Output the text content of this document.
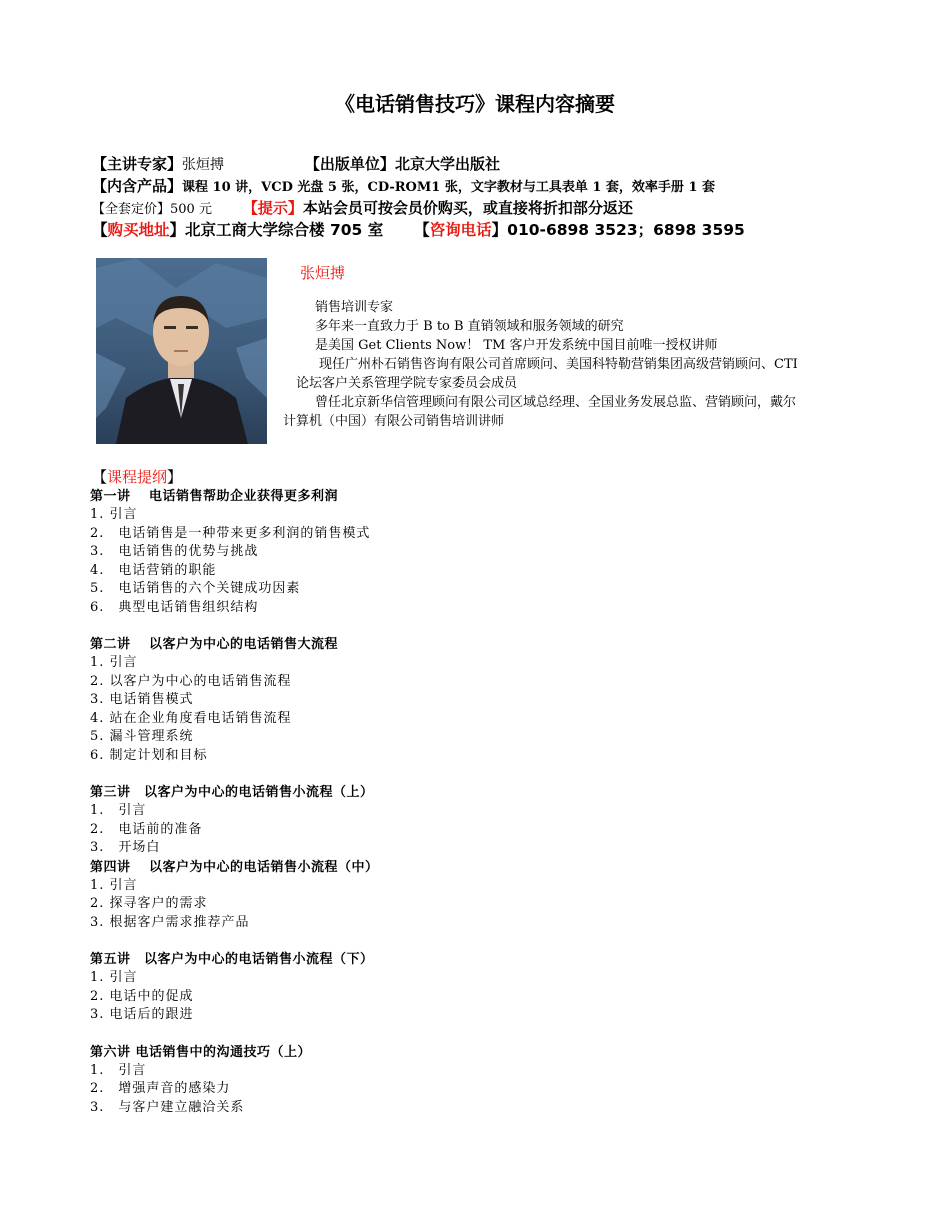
《电话销售技巧》课程内容摘要
【主讲专家】张烜搏	【出版单位】北京大学出版社
【内含产品】课程 10 讲，VCD 光盘 5 张，CD-ROM1 张，文字教材与工具表单 1 套，效率手册 1 套
【全套定价】500 元 【提示】本站会员可按会员价购买，或直接将折扣部分返还
【购买地址】北京工商大学综合楼 705 室 【咨询电话】010-6898 3523；6898 3595
张烜搏

销售培训专家

多年来一直致力于 B to B 直销领域和服务领域的研究

是美国 Get Clients Now！ TM 客户开发系统中国目前唯一授权讲师

现任广州朴石销售咨询有限公司首席顾问、美国科特勒营销集团高级营销顾问、CTI

论坛客户关系管理学院专家委员会成员

曾任北京新华信管理顾问有限公司区域总经理、全国业务发展总监、营销顾问，戴尔

计算机（中国）有限公司销售培训讲师

【课程提纲】
第一讲　 电话销售帮助企业获得更多利润
1. 引言
2.　电话销售是一种带来更多利润的销售模式
3.　电话销售的优势与挑战
4.　电话营销的职能
5.　电话销售的六个关键成功因素
6.　典型电话销售组织结构
第二讲　 以客户为中心的电话销售大流程
1. 引言
2. 以客户为中心的电话销售流程
3. 电话销售模式
4. 站在企业角度看电话销售流程
5. 漏斗管理系统
6. 制定计划和目标
第三讲　以客户为中心的电话销售小流程（上）
1.　引言
2.　电话前的准备
3.　开场白
第四讲　 以客户为中心的电话销售小流程（中）
1. 引言
2. 探寻客户的需求
3. 根据客户需求推荐产品
第五讲　以客户为中心的电话销售小流程（下）
1. 引言
2. 电话中的促成
3. 电话后的跟进
第六讲 电话销售中的沟通技巧（上）
1.　引言
2.　增强声音的感染力
3.　与客户建立融洽关系
